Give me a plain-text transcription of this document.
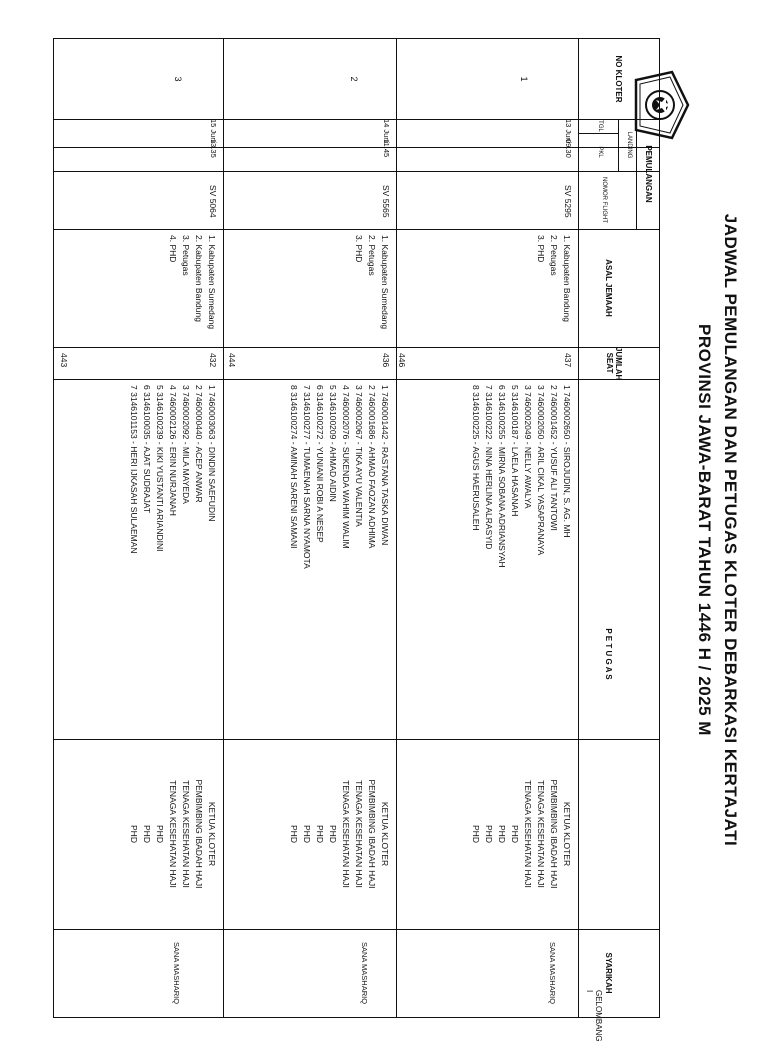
JADWAL PEMULANGAN DAN PETUGAS KLOTER DEBARKASI KERTAJATI
PROVINSI JAWA-BARAT TAHUN 1446 H / 2025 M
GELOMBANG I
NO KLOTER
PEMULANGAN
LANDING
TGL
PKL
NOMOR FLIGHT
ASAL JEMAAH
JUMLAH SEAT
P E T U G A S
SYARIKAH
1
13 Juni
09.30
SV 5295
1. Kabupaten Bandung
2. Petugas
3. PHD
437
446
1 7460002650 - SIROJUDIN, S. AG. MH
2 7460001452 - YUSUF ALI TANTOWI
3 7460002050 - ARIL CIKAL YASAPRANAYA
3 7460002049 - NELLY AWALYA
5 3146100187 - LAELA HASANAH
6 3146100255 - MIRNA SOBANA ADRIANSYAH
7 3146100222 - NINA HERLINA ALRASYID
8 3146100225 - AGUS HAERUSALEH
KETUA KLOTER
PEMBIMBING IBADAH HAJI
TENAGA KESEHATAN HAJI
TENAGA KESEHATAN HAJI
PHD
PHD
PHD
PHD
SANA MASHARIQ
2
14 Juni
11.45
SV 5565
1. Kabupaten Sumedang
2. Petugas
3. PHD
436
444
1 7460001442 - RASTANA TASKA DIWAN
2 7460001686 - AHMAD FAOZAN ADHIMA
3 7460002067 - TIKA AYU VALENTIA
4 7460002076 - SUKENDA WAHIM WALIM
5 3146100209 - AHMAD AIDIN
6 3146100272 - YUNIANI ROBI A NESEP
7 3146100277 - TUMAENAH SARNA NYAMOTA
8 3146100274 - AMINAH SARENI SAMANI
KETUA KLOTER
PEMBIMBING IBADAH HAJI
TENAGA KESEHATAN HAJI
TENAGA KESEHATAN HAJI
PHD
PHD
PHD
PHD
SANA MASHARIQ
3
15 Juni
13.35
SV 5064
1. Kabupaten Sumedang
2. Kabupaten Bandung
3. Petugas
4. PHD
432
443
1 7460003063 - DINDIN SAEFUDIN
2 7460000440 - ACEP ANWAR
3 7460002092 - MILA MAYEDA
4 7460002126 - ERIN NURJANAH
5 3146100239 - KIKI YUSTANTI ARIANDINI
6 3146100035 - AJAT SUDRAJAT
7 3146101153 - HERI IJKASAH SULAEMAN
KETUA KLOTER
PEMBIMBING IBADAH HAJI
TENAGA KESEHATAN HAJI
TENAGA KESEHATAN HAJI
PHD
PHD
PHD
SANA MASHARIQ
